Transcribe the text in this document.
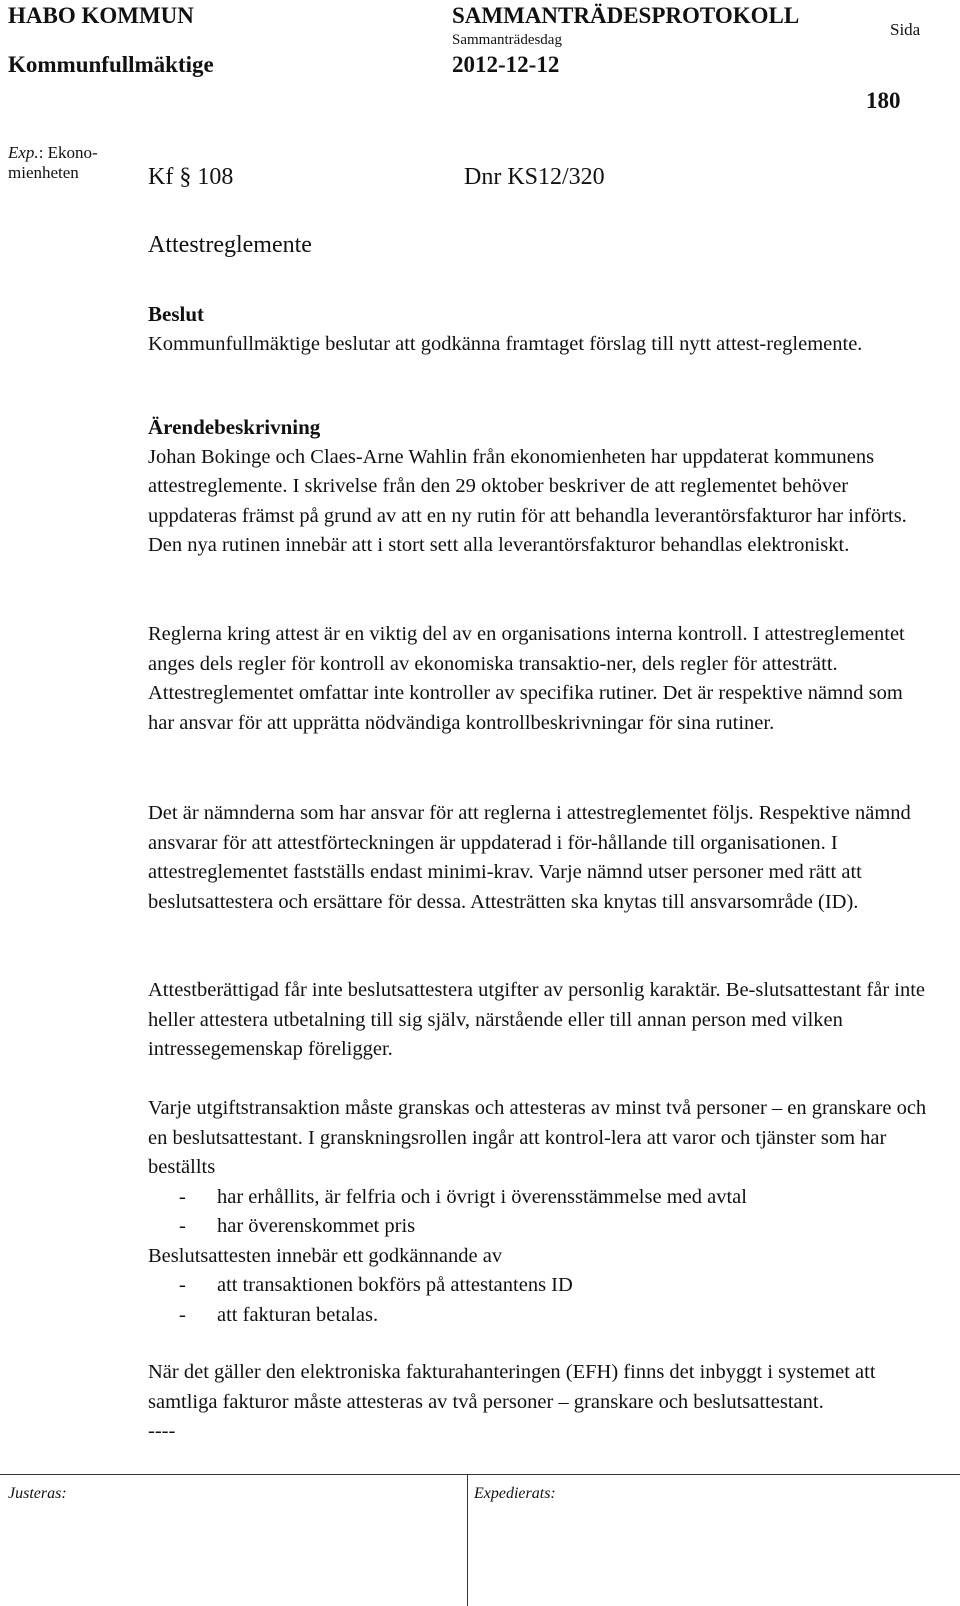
HABO KOMMUN
Kommunfullmäktige
SAMMANTRÄDESPROTOKOLL
Sammanträdesdag
2012-12-12
Sida
180
Exp.: Ekono-mienheten	Kf § 108	Dnr KS12/320
Attestreglemente

Beslut

Kommunfullmäktige beslutar att godkänna framtaget förslag till nytt attest-reglemente.

Ärendebeskrivning

Johan Bokinge och Claes-Arne Wahlin från ekonomienheten har uppdaterat kommunens attestreglemente. I skrivelse från den 29 oktober beskriver de att reglementet behöver uppdateras främst på grund av att en ny rutin för att behandla leverantörsfakturor har införts. Den nya rutinen innebär att i stort sett alla leverantörsfakturor behandlas elektroniskt.

Reglerna kring attest är en viktig del av en organisations interna kontroll. I attestreglementet anges dels regler för kontroll av ekonomiska transaktio-ner, dels regler för attesträtt. Attestreglementet omfattar inte kontroller av specifika rutiner. Det är respektive nämnd som har ansvar för att upprätta nödvändiga kontrollbeskrivningar för sina rutiner.

Det är nämnderna som har ansvar för att reglerna i attestreglementet följs. Respektive nämnd ansvarar för att attestförteckningen är uppdaterad i för-hållande till organisationen. I attestreglementet fastställs endast minimi-krav. Varje nämnd utser personer med rätt att beslutsattestera och ersättare för dessa. Attesträtten ska knytas till ansvarsområde (ID).

Attestberättigad får inte beslutsattestera utgifter av personlig karaktär. Be-slutsattestant får inte heller attestera utbetalning till sig själv, närstående eller till annan person med vilken intressegemenskap föreligger.

Varje utgiftstransaktion måste granskas och attesteras av minst två personer – en granskare och en beslutsattestant. I granskningsrollen ingår att kontrol-lera att varor och tjänster som har beställts

-	har erhållits, är felfria och i övrigt i överensstämmelse med avtal
-	har överenskommet pris

Beslutsattesten innebär ett godkännande av

-	att transaktionen bokförs på attestantens ID
-	att fakturan betalas.

När det gäller den elektroniska fakturahanteringen (EFH) finns det inbyggt i systemet att samtliga fakturor måste attesteras av två personer – granskare och beslutsattestant.

----

Justeras:	Expedierats:
